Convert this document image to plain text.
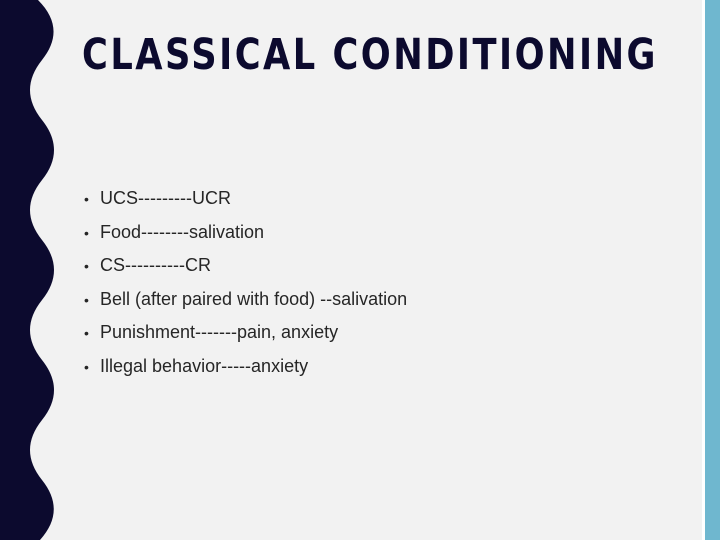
CLASSICAL CONDITIONING
• UCS---------UCR
• Food--------salivation
• CS----------CR
• Bell (after paired with food) --salivation
• Punishment-------pain, anxiety
• Illegal behavior-----anxiety
